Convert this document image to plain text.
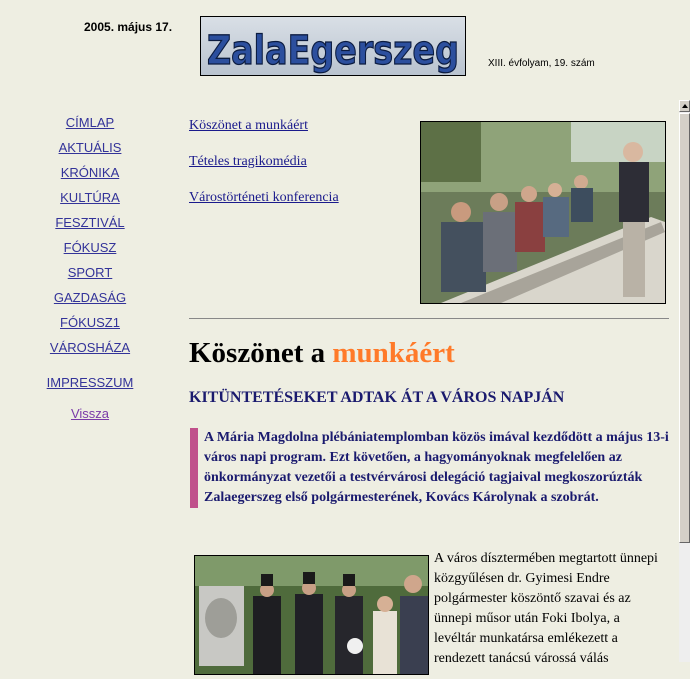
2005. május 17.
ZalaEgerszeg	XIII. évfolyam, 19. szám
CÍMLAP
AKTUÁLIS
KRÓNIKA
KULTÚRA
FESZTIVÁL
FÓKUSZ
SPORT
GAZDASÁG
FÓKUSZ1
VÁROSHÁZA
IMPRESSZUM
Vissza
Köszönet a munkáért
Tételes tragikomédia
Várostörténeti konferencia
Köszönet a munkáért
KITÜNTETÉSEKET ADTAK ÁT A VÁROS NAPJÁN
A Mária Magdolna plébániatemplomban közös imával kezdődött a május 13-i város napi program. Ezt követően, a hagyományoknak megfelelően az önkormányzat vezetői a testvérvárosi delegáció tagjaival megkoszorúzták Zalaegerszeg első polgármesterének, Kovács Károlynak a szobrát.
A város dísztermében megtartott ünnepi közgyűlésen dr. Gyimesi Endre polgármester köszöntő szavai és az ünnepi műsor után Foki Ibolya, a levéltár munkatársa emlékezett a rendezett tanácsú várossá válás
